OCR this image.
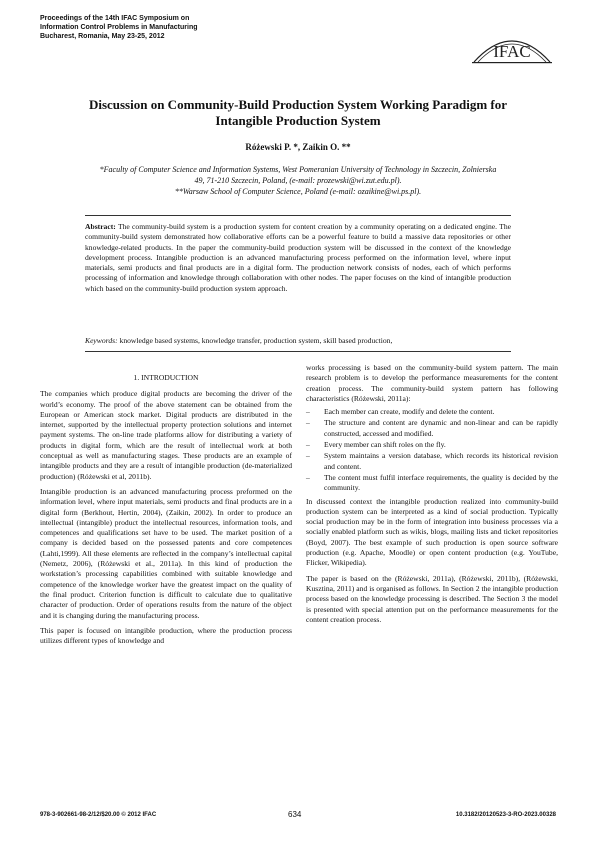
Proceedings of the 14th IFAC Symposium on
Information Control Problems in Manufacturing
Bucharest, Romania, May 23-25, 2012
IFAC
Discussion on Community-Build Production System Working Paradigm for
Intangible Production System
Różewski P. *, Zaikin O. **
*Faculty of Computer Science and Information Systems, West Pomeranian University of Technology in Szczecin, Zolnierska
49, 71-210 Szczecin, Poland, (e-mail: prozewski@wi.zut.edu.pl).
**Warsaw School of Computer Science, Poland (e-mail: ozaikine@wi.ps.pl).
Abstract: The community-build system is a production system for content creation by a community operating on a dedicated engine. The community-build system demonstrated how collaborative efforts can be a powerful feature to build a massive data repositories or other knowledge-related products. In the paper the community-build production system will be discussed in the context of the knowledge development process. Intangible production is an advanced manufacturing process performed on the information level, where input materials, semi products and final products are in a digital form. The production network consists of nodes, each of which performs processing of information and knowledge through collaboration with other nodes. The paper focuses on the kind of intangible production which based on the community-build production system approach.
Keywords: knowledge based systems, knowledge transfer, production system, skill based production,
1. INTRODUCTION

The companies which produce digital products are becoming the driver of the world’s economy. The proof of the above statement can be obtained from the European or American stock market. Digital products are distributed in the internet, supported by the intellectual property protection solutions and internet payment systems. The on-line trade platforms allow for distributing a variety of products in digital form, which are the result of intellectual work at both conceptual as well as manufacturing stages. These products are an example of intangible products and they are a result of intangible production (de-materialized production) (Różewski et al, 2011b).

Intangible production is an advanced manufacturing process preformed on the information level, where input materials, semi products and final products are in a digital form (Berkhout, Hertin, 2004), (Zaikin, 2002). In order to produce an intellectual (intangible) product the intellectual resources, information tools, and competences and qualifications set have to be used. The market position of a company is decided based on the possessed patents and core competences (Lahti,1999). All these elements are reflected in the company’s intellectual capital (Nemetz, 2006), (Różewski et al., 2011a). In this kind of production the workstation’s processing capabilities combined with suitable knowledge and competence of the knowledge worker have the greatest impact on the quality of the final product. Criterion function is difficult to calculate due to qualitative character of production. Order of operations results from the nature of the object and it is changing during the manufacturing process.

This paper is focused on intangible production, where the production process utilizes different types of knowledge and

works processing is based on the community-build system pattern. The main research problem is to develop the performance measurements for the content creation process. The community-build system pattern has following characteristics (Różewski, 2011a):

– Each member can create, modify and delete the content.
– The structure and content are dynamic and non-linear and can be rapidly constructed, accessed and modified.
– Every member can shift roles on the fly.
– System maintains a version database, which records its historical revision and content.
– The content must fulfil interface requirements, the quality is decided by the community.

In discussed context the intangible production realized into community-build production system can be interpreted as a kind of social production. Typically social production may be in the form of integration into business processes via a socially enabled platform such as wikis, blogs, mailing lists and ticket repositories (Boyd, 2007). The best example of such production is open source software production (e.g. Apache, Moodle) or open content production (e.g. YouTube, Flicker, Wikipedia).

The paper is based on the (Różewski, 2011a), (Różewski, 2011b), (Różewski, Kusztina, 2011) and is organised as follows. In Section 2 the intangible production process based on the knowledge processing is described. The Section 3 the model is presented with special attention put on the performance measurements for the content creation process.

978-3-902661-98-2/12/$20.00 © 2012 IFAC	634	10.3182/20120523-3-RO-2023.00328
